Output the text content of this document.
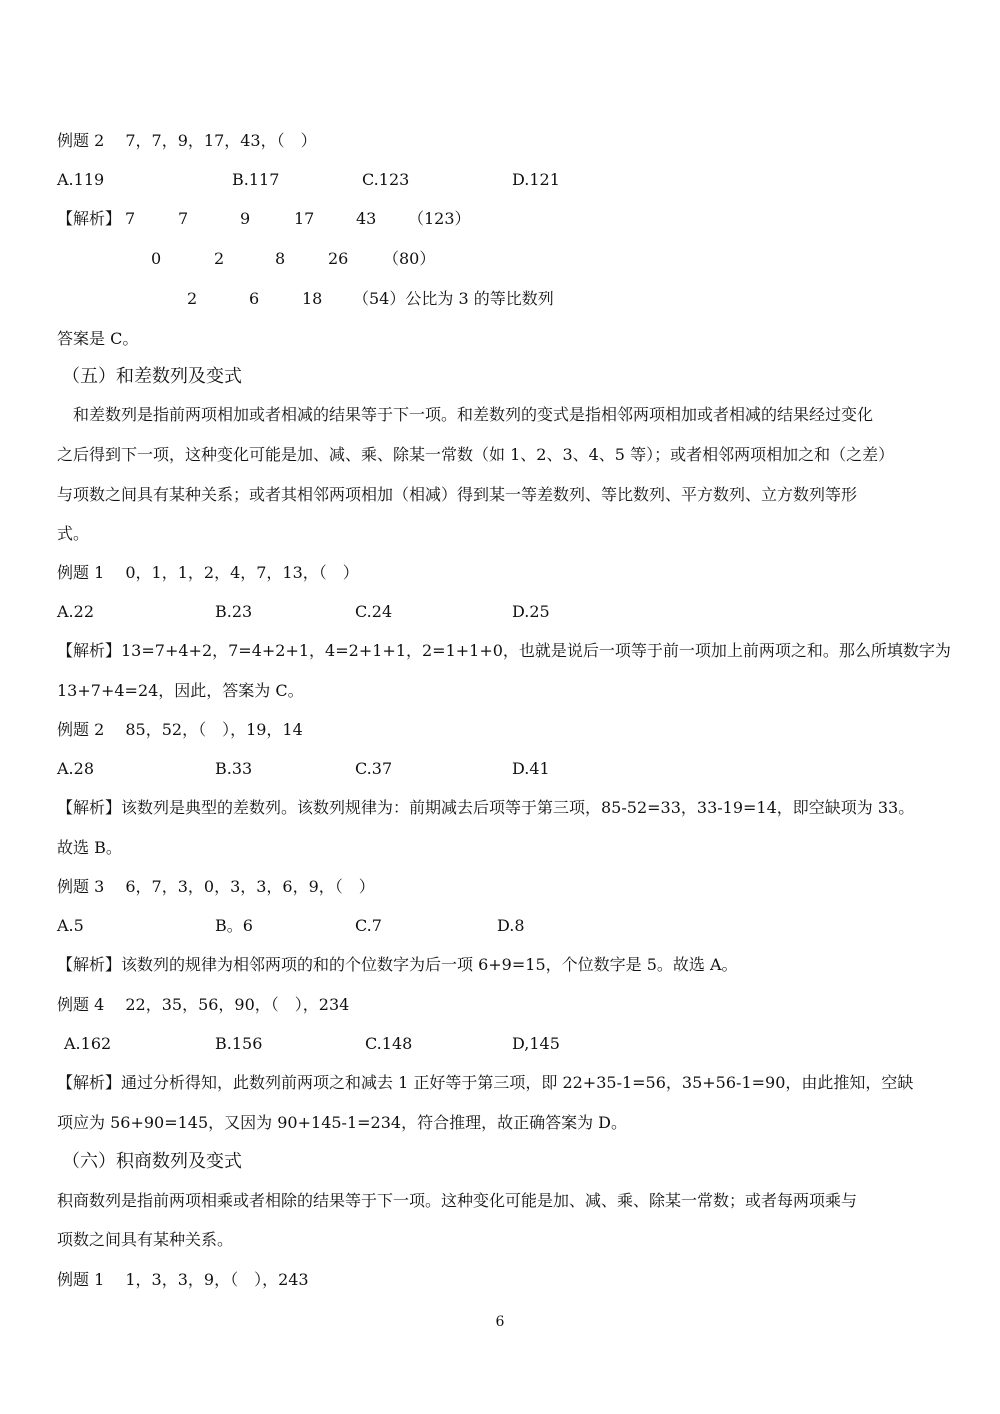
例题 2　 7，7，9，17，43，（　）

A.119

	B.117

	C.123

	D.121

【解析】 7	7	9	17	43 （123）
0	2	8	26 （80）
2	6	18 （54）公比为 3 的等比数列
答案是 C。
（五）和差数列及变式
　和差数列是指前两项相加或者相减的结果等于下一项。和差数列的变式是指相邻两项相加或者相减的结果经过变化
之后得到下一项，这种变化可能是加、减、乘、除某一常数（如 1、2、3、4、5 等）；或者相邻两项相加之和（之差）
与项数之间具有某种关系；或者其相邻两项相加（相减）得到某一等差数列、等比数列、平方数列、立方数列等形
式。
例题 1　 0，1，1，2，4，7，13，（　）

A.22

	B.23

	C.24

	D.25

【解析】13=7+4+2，7=4+2+1，4=2+1+1，2=1+1+0，也就是说后一项等于前一项加上前两项之和。那么所填数字为
13+7+4=24，因此，答案为 C。
例题 2　 85，52，（　），19，14

A.28

	B.33

	C.37

	D.41

【解析】该数列是典型的差数列。该数列规律为：前期减去后项等于第三项，85-52=33，33-19=14，即空缺项为 33。
故选 B。
例题 3　 6，7，3，0，3，3，6，9，（　）

A.5

	B。6

	C.7

	D.8

【解析】该数列的规律为相邻两项的和的个位数字为后一项 6+9=15，个位数字是 5。故选 A。
例题 4　 22，35，56，90，（　），234

A.162

	B.156

	C.148

	D,145

【解析】通过分析得知，此数列前两项之和减去 1 正好等于第三项，即 22+35-1=56，35+56-1=90，由此推知，空缺
项应为 56+90=145，又因为 90+145-1=234，符合推理，故正确答案为 D。
（六）积商数列及变式
积商数列是指前两项相乘或者相除的结果等于下一项。这种变化可能是加、减、乘、除某一常数；或者每两项乘与
项数之间具有某种关系。
例题 1　 1，3，3，9，（　），243
6
